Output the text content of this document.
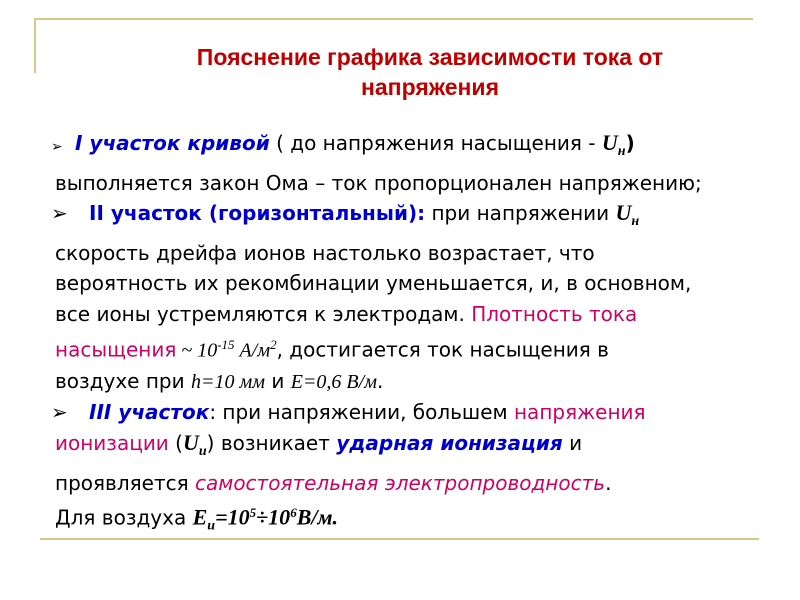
Пояснение графика зависимости тока от
напряжения
➢ I участок кривой ( до напряжения насыщения - $U_н$)
выполняется закон Ома – ток пропорционален напряжению;
➢ II участок (горизонтальный): при напряжении $U_н$
скорость дрейфа ионов настолько возрастает, что
вероятность их рекомбинации уменьшается, и, в основном,
все ионы устремляются к электродам. Плотность тока
насыщения ~ $10^{-15}$ $А/м^2$, достигается ток насыщения в
воздухе при h=10 мм и E=0,6 В/м.
➢ III участок: при напряжении, большем напряжения
ионизации $(U_и)$ возникает ударная ионизация и
проявляется самостоятельная электропроводность.
Для воздуха $E_и=10^5\div 10^6В/м$.
